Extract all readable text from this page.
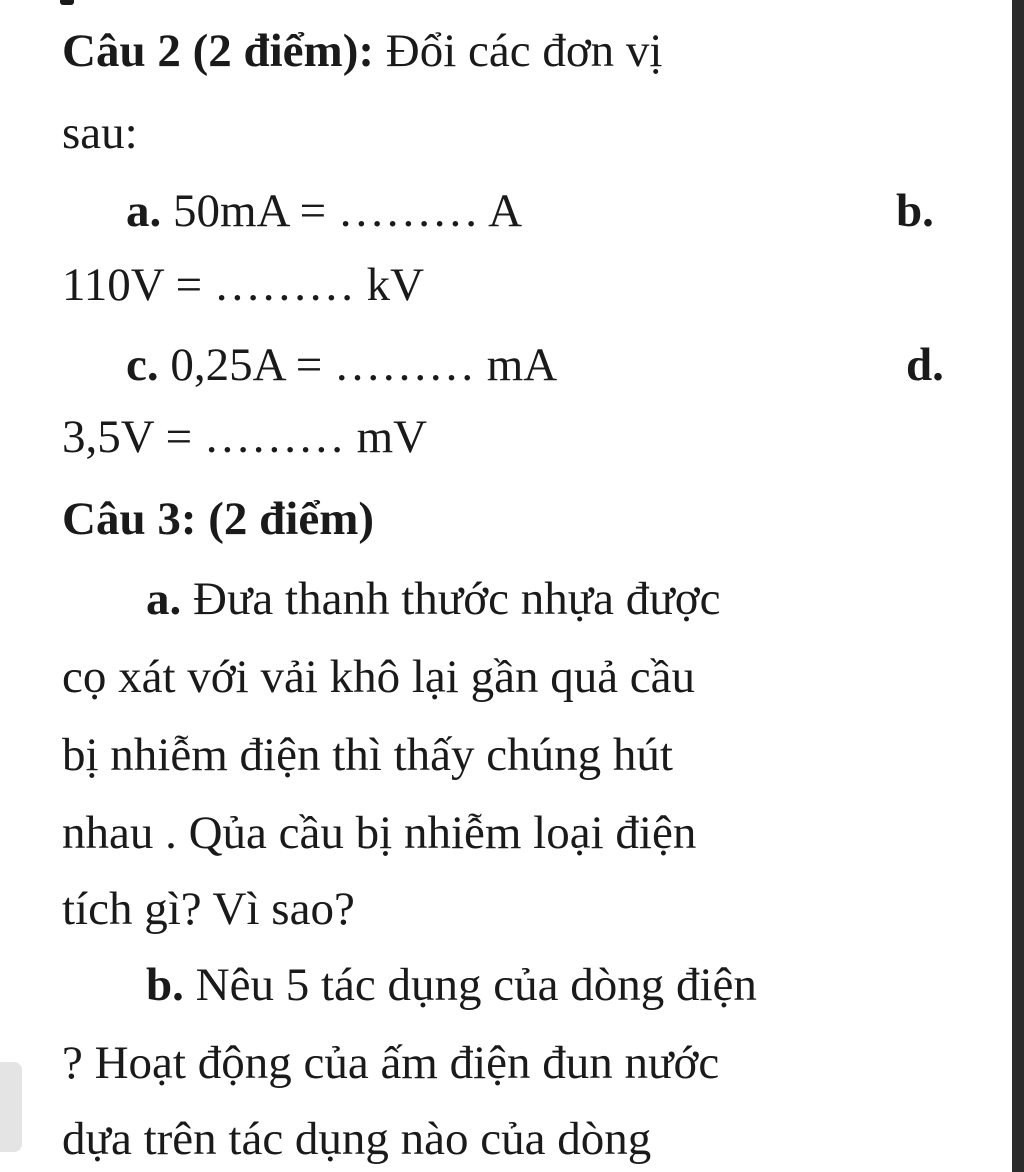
Câu 2 (2 điểm): Đổi các đơn vị
sau:
a. 50mA = ……… A	b.
110V = ……… kV
c. 0,25A = ……… mA	d.
3,5V = ……… mV
Câu 3: (2 điểm)
a. Đưa thanh thước nhựa được
cọ xát với vải khô lại gần quả cầu
bị nhiễm điện thì thấy chúng hút
nhau . Qủa cầu bị nhiễm loại điện
tích gì? Vì sao?
b. Nêu 5 tác dụng của dòng điện
? Hoạt động của ấm điện đun nước
dựa trên tác dụng nào của dòng
